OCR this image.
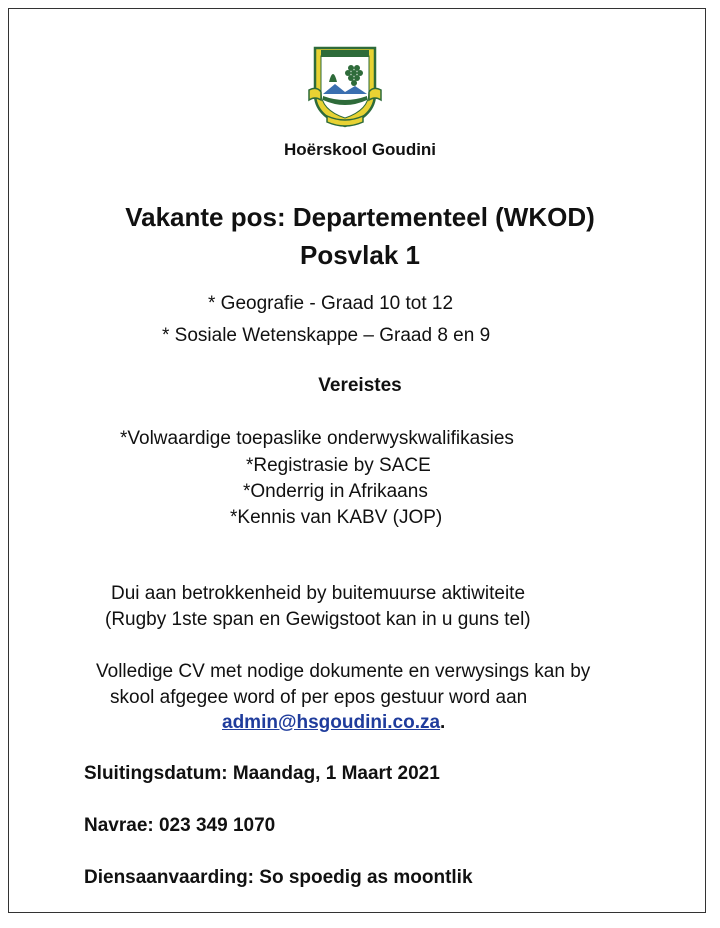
Hoërskool Goudini
Vakante pos: Departementeel (WKOD)
Posvlak 1
* Geografie - Graad 10 tot 12
* Sosiale Wetenskappe – Graad 8 en 9
Vereistes
*Volwaardige toepaslike onderwyskwalifikasies
*Registrasie by SACE
*Onderrig in Afrikaans
*Kennis van KABV (JOP)
Dui aan betrokkenheid by buitemuurse aktiwiteite
(Rugby 1ste span en Gewigstoot kan in u guns tel)
Volledige CV met nodige dokumente en verwysings kan by
skool afgegee word of per epos gestuur word aan
admin@hsgoudini.co.za.
Sluitingsdatum: Maandag, 1 Maart 2021
Navrae: 023 349 1070
Diensaanvaarding: So spoedig as moontlik
